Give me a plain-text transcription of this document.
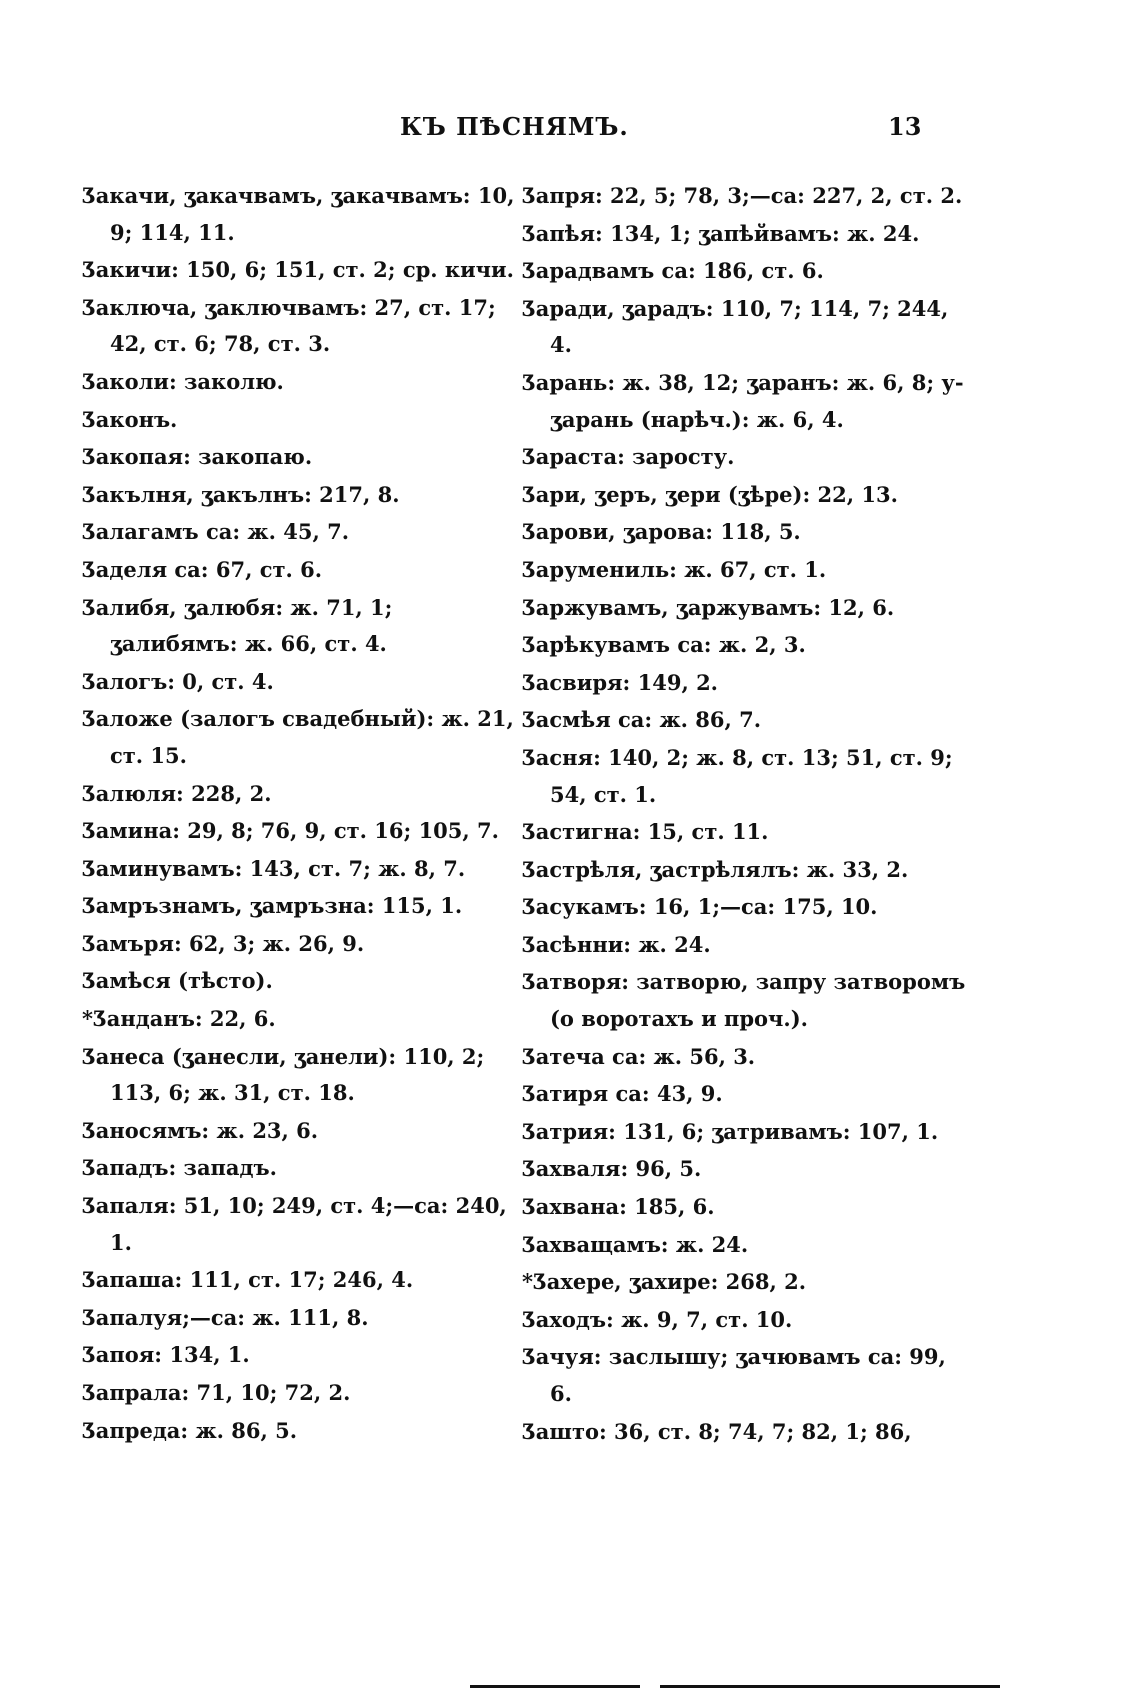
КЪ ПѢСНЯМЪ.	13

Ӡакачи, ӡакачвамъ, ӡакачвамъ: 10, 9; 114, 11.

Ӡакичи: 150, 6; 151, ст. 2; ср. кичи.

Ӡаключа, ӡаключвамъ: 27, ст. 17; 42, ст. 6; 78, ст. 3.

Ӡаколи: заколю.

Ӡаконъ.

Ӡакопая: закопаю.

Ӡакълня, ӡакълнъ: 217, 8.

Ӡалагамъ са: ж. 45, 7.

Ӡаделя са: 67, ст. 6.

Ӡалибя, ӡалюбя: ж. 71, 1; ӡалибямъ: ж. 66, ст. 4.

Ӡалогъ: 0, ст. 4.

Ӡаложе (залогъ свадебный): ж. 21, ст. 15.

Ӡалюля: 228, 2.

Ӡамина: 29, 8; 76, 9, ст. 16; 105, 7.

Ӡаминувамъ: 143, ст. 7; ж. 8, 7.

Ӡамръзнамъ, ӡамръзна: 115, 1.

Ӡамъря: 62, 3; ж. 26, 9.

Ӡамѣся (тѣсто).

*Ӡанданъ: 22, 6.

Ӡанеса (ӡанесли, ӡанели): 110, 2; 113, 6; ж. 31, ст. 18.

Ӡаносямъ: ж. 23, 6.

Ӡападъ: западъ.

Ӡапаля: 51, 10; 249, ст. 4;—са: 240, 1.

Ӡапаша: 111, ст. 17; 246, 4.

Ӡапалуя;—са: ж. 111, 8.

Ӡапоя: 134, 1.

Ӡапрала: 71, 10; 72, 2.

Ӡапреда: ж. 86, 5.

Ӡапря: 22, 5; 78, 3;—са: 227, 2, ст. 2.

Ӡапѣя: 134, 1; ӡапѣйвамъ: ж. 24.

Ӡарадвамъ са: 186, ст. 6.

Ӡаради, ӡарадъ: 110, 7; 114, 7; 244, 4.

Ӡарань: ж. 38, 12; ӡаранъ: ж. 6, 8; у-ӡарань (нарѣч.): ж. 6, 4.

Ӡараста: заросту.

Ӡари, ӡеръ, ӡери (ӡѣре): 22, 13.

Ӡарови, ӡарова: 118, 5.

Ӡарумениль: ж. 67, ст. 1.

Ӡаржувамъ, ӡаржувамъ: 12, 6.

Ӡарѣкувамъ са: ж. 2, 3.

Ӡасвиря: 149, 2.

Ӡасмѣя са: ж. 86, 7.

Ӡасня: 140, 2; ж. 8, ст. 13; 51, ст. 9; 54, ст. 1.

Ӡастигна: 15, ст. 11.

Ӡастрѣля, ӡастрѣлялъ: ж. 33, 2.

Ӡасукамъ: 16, 1;—са: 175, 10.

Ӡасѣнни: ж. 24.

Ӡатворя: затворю, запру затворомъ (о воротахъ и проч.).

Ӡатеча са: ж. 56, 3.

Ӡатиря са: 43, 9.

Ӡатрия: 131, 6; ӡатривамъ: 107, 1.

Ӡахваля: 96, 5.

Ӡахвана: 185, 6.

Ӡахващамъ: ж. 24.

*Ӡахере, ӡахире: 268, 2.

Ӡаходъ: ж. 9, 7, ст. 10.

Ӡачуя: заслышу; ӡачювамъ са: 99, 6.

Ӡашто: 36, ст. 8; 74, 7; 82, 1; 86,
